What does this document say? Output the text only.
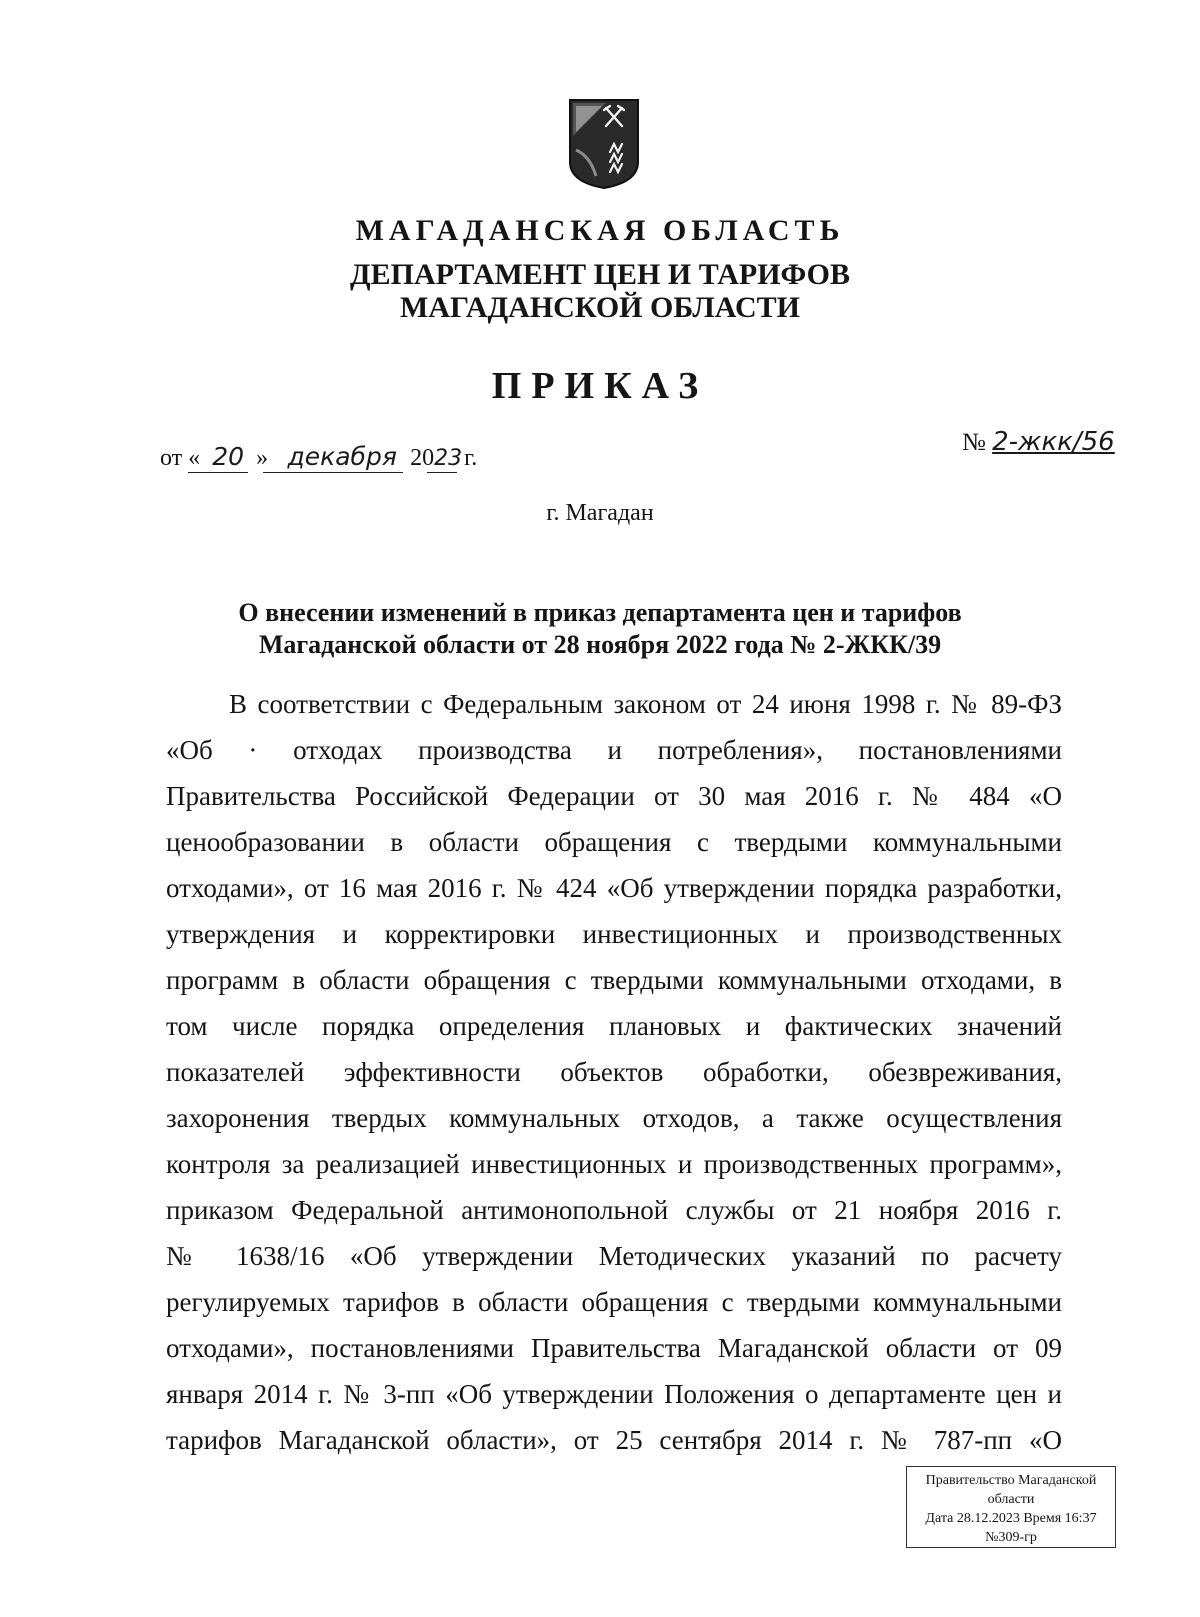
МАГАДАНСКАЯ ОБЛАСТЬ
ДЕПАРТАМЕНТ ЦЕН И ТАРИФОВ
МАГАДАНСКОЙ ОБЛАСТИ
ПРИКАЗ
от « 20 » декабря 2023 г.
№ 2-жкк/56
г. Магадан
О внесении изменений в приказ департамента цен и тарифов
Магаданской области от 28 ноября 2022 года № 2-ЖКК/39
В соответствии с Федеральным законом от 24 июня 1998 г. № 89-ФЗ
«Об · отходах производства и потребления», постановлениями
Правительства Российской Федерации от 30 мая 2016 г. № 484 «О
ценообразовании в области обращения с твердыми коммунальными
отходами», от 16 мая 2016 г. № 424 «Об утверждении порядка разработки,
утверждения и корректировки инвестиционных и производственных
программ в области обращения с твердыми коммунальными отходами, в
том числе порядка определения плановых и фактических значений
показателей эффективности объектов обработки, обезвреживания,
захоронения твердых коммунальных отходов, а также осуществления
контроля за реализацией инвестиционных и производственных программ»,
приказом Федеральной антимонопольной службы от 21 ноября 2016 г.
№ 1638/16 «Об утверждении Методических указаний по расчету
регулируемых тарифов в области обращения с твердыми коммунальными
отходами», постановлениями Правительства Магаданской области от 09
января 2014 г. № 3-пп «Об утверждении Положения о департаменте цен и
тарифов Магаданской области», от 25 сентября 2014 г. № 787-пп «О
Правительство Магаданской
области
Дата 28.12.2023 Время 16:37
№309-гр
